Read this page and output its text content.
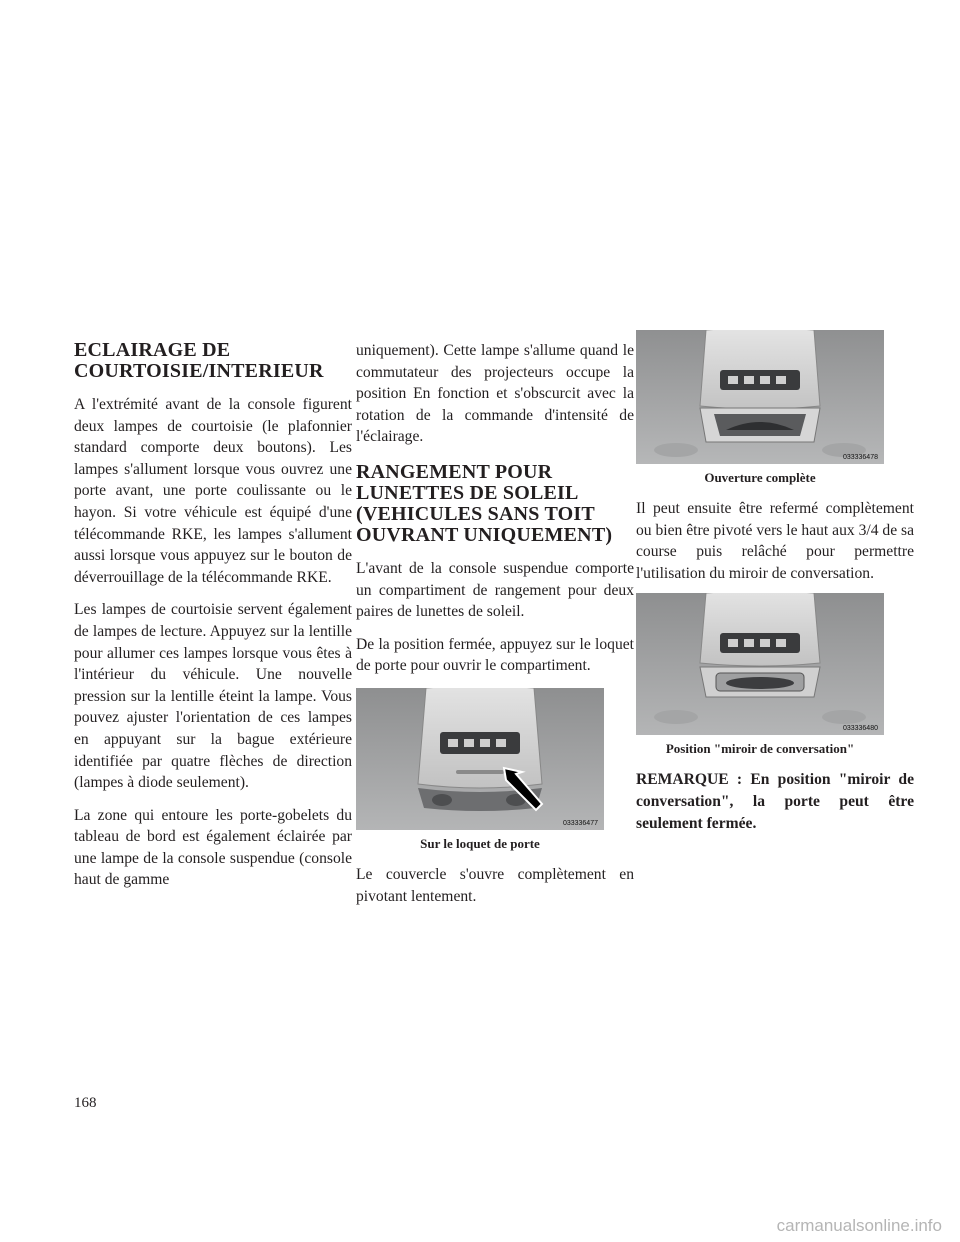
ECLAIRAGE DE COURTOISIE/INTERIEUR

A l'extrémité avant de la console figurent deux lampes de courtoisie (le plafonnier standard comporte deux boutons). Les lampes s'allument lorsque vous ouvrez une porte avant, une porte coulissante ou le hayon. Si votre véhicule est équipé d'une télécommande RKE, les lampes s'allument aussi lorsque vous appuyez sur le bouton de déverrouillage de la télécommande RKE.

Les lampes de courtoisie servent également de lampes de lecture. Appuyez sur la lentille pour allumer ces lampes lorsque vous êtes à l'intérieur du véhicule. Une nouvelle pression sur la lentille éteint la lampe. Vous pouvez ajuster l'orientation de ces lampes en appuyant sur la bague extérieure identifiée par quatre flèches de direction (lampes à diode seulement).

La zone qui entoure les porte-gobelets du tableau de bord est également éclairée par une lampe de la console suspendue (console haut de gamme

uniquement). Cette lampe s'allume quand le commutateur des projecteurs occupe la position En fonction et s'obscurcit avec la rotation de la commande d'intensité de l'éclairage.

RANGEMENT POUR LUNETTES DE SOLEIL (VEHICULES SANS TOIT OUVRANT UNIQUEMENT)

L'avant de la console suspendue comporte un compartiment de rangement pour deux paires de lunettes de soleil.

De la position fermée, appuyez sur le loquet de porte pour ouvrir le compartiment.

033336477
Sur le loquet de porte

Le couvercle s'ouvre complètement en pivotant lentement.

033336478
Ouverture complète

Il peut ensuite être refermé complètement ou bien être pivoté vers le haut aux 3/4 de sa course puis relâché pour permettre l'utilisation du miroir de conversation.

033336480
Position "miroir de conversation"

REMARQUE : En position "miroir de conversation", la porte peut être seulement fermée.

168
carmanualsonline.info
